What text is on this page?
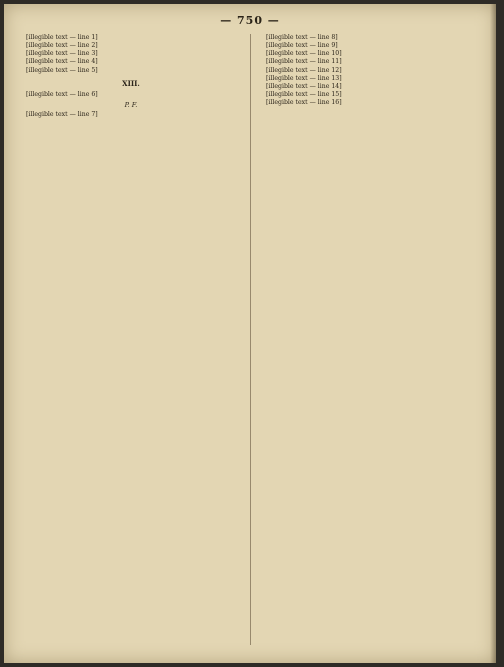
— 750 —

[illegible text — line 1]

[illegible text — line 2]

[illegible text — line 3]

[illegible text — line 4]

[illegible text — line 5]

XIII.

[illegible text — line 6]

P. F.

[illegible text — line 7]

[illegible text — line 8]

[illegible text — line 9]

[illegible text — line 10]

[illegible text — line 11]

[illegible text — line 12]

[illegible text — line 13]

[illegible text — line 14]

[illegible text — line 15]

[illegible text — line 16]
